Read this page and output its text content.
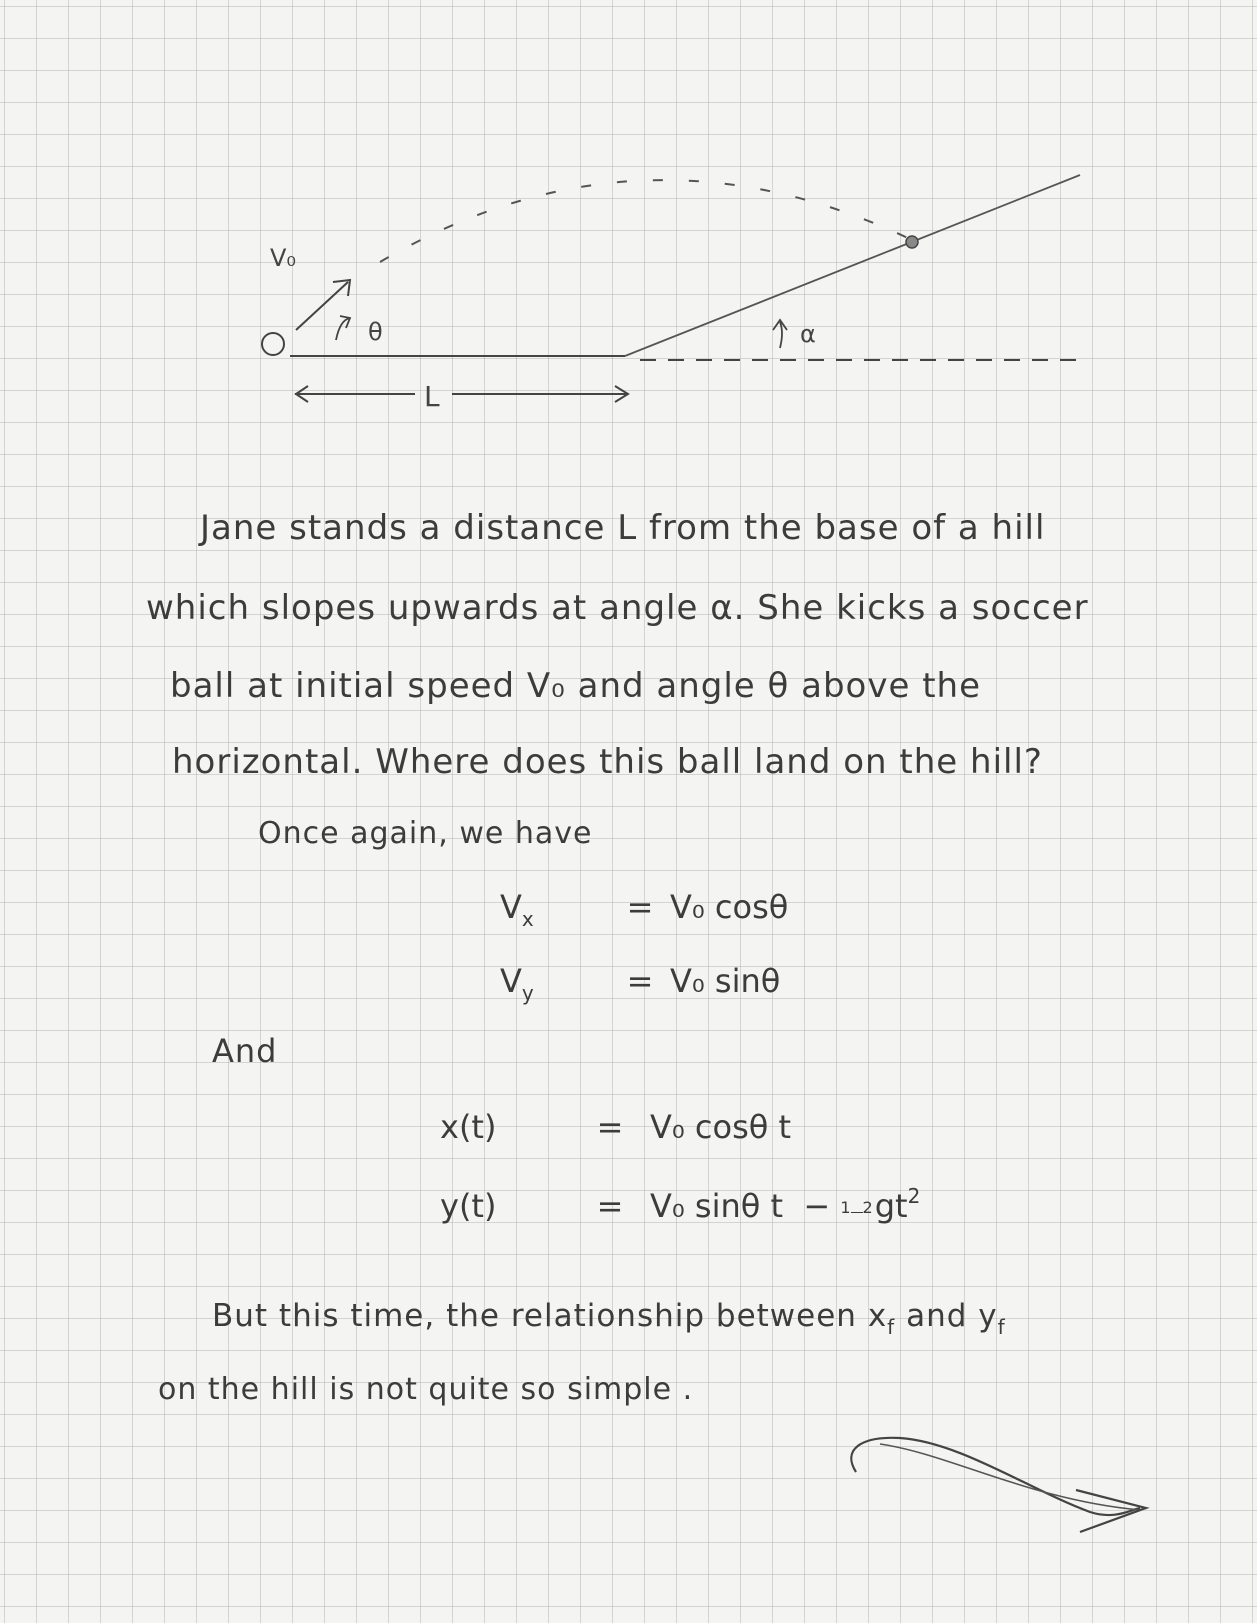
V₀
θ	α
L

Jane stands a distance L from the base of a hill

which slopes upwards at angle α. She kicks a soccer

ball at initial speed V₀ and angle θ above the

horizontal. Where does this ball land on the hill?

Once again, we have

Vx	= V₀ cosθ
Vy	= V₀ sinθ

And

x(t)	= V₀ cosθ t
y(t)	= V₀ sinθ t  − 1 2gt2

But this time, the relationship between $x_f$ and $y_f$

on the hill is not quite so simple .
